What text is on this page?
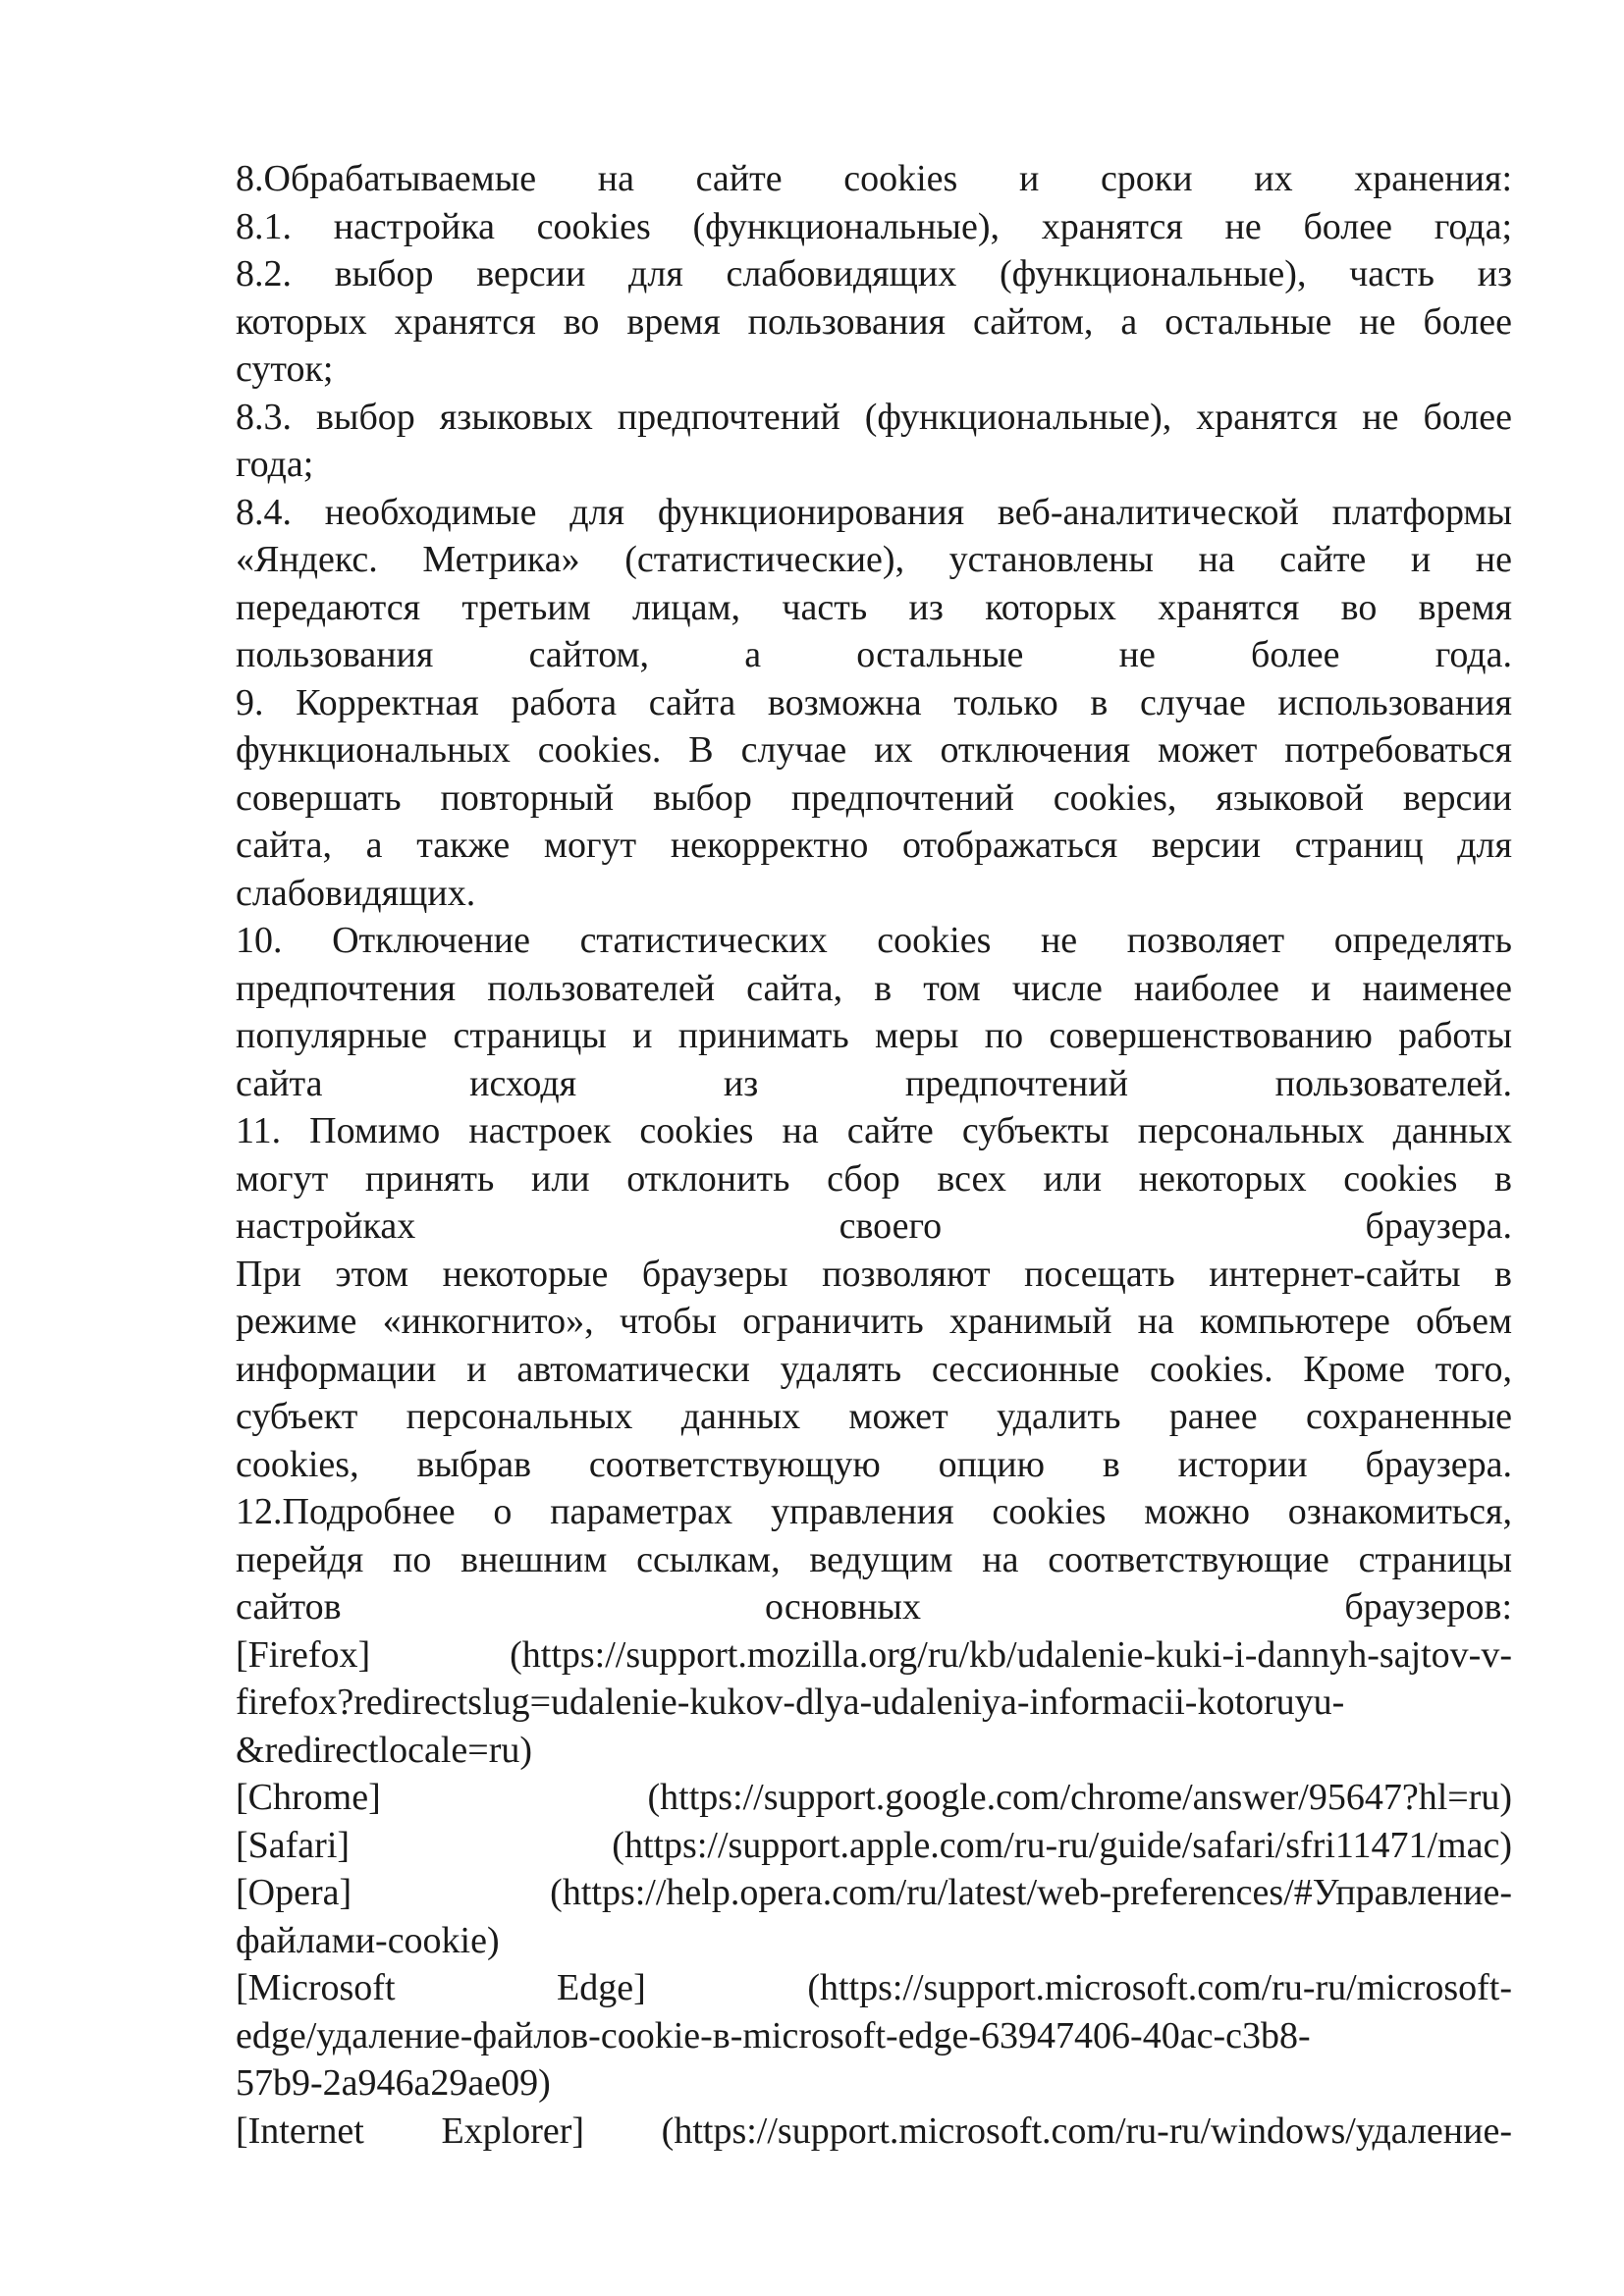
8.Обрабатываемые на сайте cookies и сроки их хранения:
8.1. настройка cookies (функциональные), хранятся не более года;
8.2. выбор версии для слабовидящих (функциональные), часть из
которых хранятся во время пользования сайтом, а остальные не более
суток;
8.3. выбор языковых предпочтений (функциональные), хранятся не более
года;
8.4. необходимые для функционирования веб-аналитической платформы
«Яндекс. Метрика» (статистические), установлены на сайте и не
передаются третьим лицам, часть из которых хранятся во время
пользования сайтом, а остальные не более года.
9. Корректная работа сайта возможна только в случае использования
функциональных cookies. В случае их отключения может потребоваться
совершать повторный выбор предпочтений cookies, языковой версии
сайта, а также могут некорректно отображаться версии страниц для
слабовидящих.
10. Отключение статистических cookies не позволяет определять
предпочтения пользователей сайта, в том числе наиболее и наименее
популярные страницы и принимать меры по совершенствованию работы
сайта исходя из предпочтений пользователей.
11. Помимо настроек cookies на сайте субъекты персональных данных
могут принять или отклонить сбор всех или некоторых cookies в
настройках своего браузера.
При этом некоторые браузеры позволяют посещать интернет-сайты в
режиме «инкогнито», чтобы ограничить хранимый на компьютере объем
информации и автоматически удалять сессионные cookies. Кроме того,
субъект персональных данных может удалить ранее сохраненные
cookies, выбрав соответствующую опцию в истории браузера.
12.Подробнее о параметрах управления cookies можно ознакомиться,
перейдя по внешним ссылкам, ведущим на соответствующие страницы
сайтов основных браузеров:
[Firefox] (https://support.mozilla.org/ru/kb/udalenie-kuki-i-dannyh-sajtov-v-
firefox?redirectslug=udalenie-kukov-dlya-udaleniya-informacii-kotoruyu-
&redirectlocale=ru)
[Chrome] (https://support.google.com/chrome/answer/95647?hl=ru)
[Safari] (https://support.apple.com/ru-ru/guide/safari/sfri11471/mac)
[Opera] (https://help.opera.com/ru/latest/web-preferences/#Управление-
файлами-cookie)
[Microsoft Edge] (https://support.microsoft.com/ru-ru/microsoft-
edge/удаление-файлов-cookie-в-microsoft-edge-63947406-40ac-c3b8-
57b9-2a946a29ae09)
[Internet Explorer] (https://support.microsoft.com/ru-ru/windows/удаление-
